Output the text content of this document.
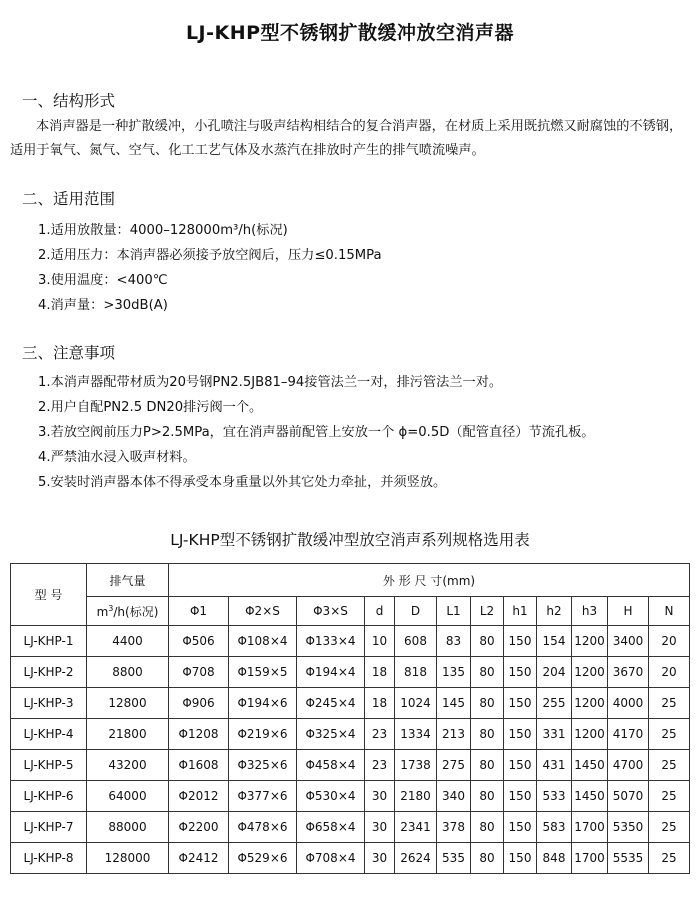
LJ-KHP型不锈钢扩散缓冲放空消声器
一、结构形式
本消声器是一种扩散缓冲，小孔喷注与吸声结构相结合的复合消声器，在材质上采用既抗燃又耐腐蚀的不锈钢，适用于氧气、氮气、空气、化工工艺气体及水蒸汽在排放时产生的排气喷流噪声。
二、适用范围
1.适用放散量：4000–128000m³/h(标况)
2.适用压力：本消声器必须接予放空阀后，压力≤0.15MPa
3.使用温度：<400℃
4.消声量：>30dB(A)
三、注意事项
1.本消声器配带材质为20号钢PN2.5JB81–94接管法兰一对，排污管法兰一对。
2.用户自配PN2.5 DN20排污阀一个。
3.若放空阀前压力P>2.5MPa，宜在消声器前配管上安放一个 ϕ=0.5D（配管直径）节流孔板。
4.严禁油水浸入吸声材料。
5.安装时消声器本体不得承受本身重量以外其它处力牵扯，并须竖放。
LJ-KHP型不锈钢扩散缓冲型放空消声系列规格选用表
型 号	排气量	外 形 尺 寸(mm)											
	$m^3/h$(标况)	Φ1	Φ2×S	Φ3×S	d	D	L1	L2	h1	h2	h3	H	N
LJ-KHP-1	4400	Φ506	Φ108×4	Φ133×4	10	608	83	80	150	154	1200	3400	20
LJ-KHP-2	8800	Φ708	Φ159×5	Φ194×4	18	818	135	80	150	204	1200	3670	20
LJ-KHP-3	12800	Φ906	Φ194×6	Φ245×4	18	1024	145	80	150	255	1200	4000	25
LJ-KHP-4	21800	Φ1208	Φ219×6	Φ325×4	23	1334	213	80	150	331	1200	4170	25
LJ-KHP-5	43200	Φ1608	Φ325×6	Φ458×4	23	1738	275	80	150	431	1450	4700	25
LJ-KHP-6	64000	Φ2012	Φ377×6	Φ530×4	30	2180	340	80	150	533	1450	5070	25
LJ-KHP-7	88000	Φ2200	Φ478×6	Φ658×4	30	2341	378	80	150	583	1700	5350	25
LJ-KHP-8	128000	Φ2412	Φ529×6	Φ708×4	30	2624	535	80	150	848	1700	5535	25
